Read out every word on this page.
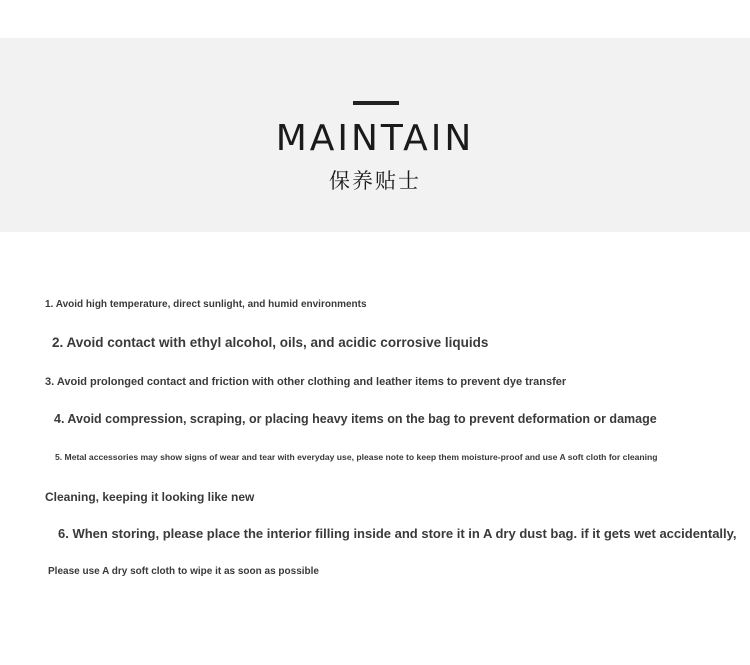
MAINTAIN
保养贴士
1. Avoid high temperature, direct sunlight, and humid environments
2. Avoid contact with ethyl alcohol, oils, and acidic corrosive liquids
3. Avoid prolonged contact and friction with other clothing and leather items to prevent dye transfer
4. Avoid compression, scraping, or placing heavy items on the bag to prevent deformation or damage
5. Metal accessories may show signs of wear and tear with everyday use, please note to keep them moisture-proof and use A soft cloth for cleaning
Cleaning, keeping it looking like new
6. When storing, please place the interior filling inside and store it in A dry dust bag. if it gets wet accidentally,
Please use A dry soft cloth to wipe it as soon as possible
